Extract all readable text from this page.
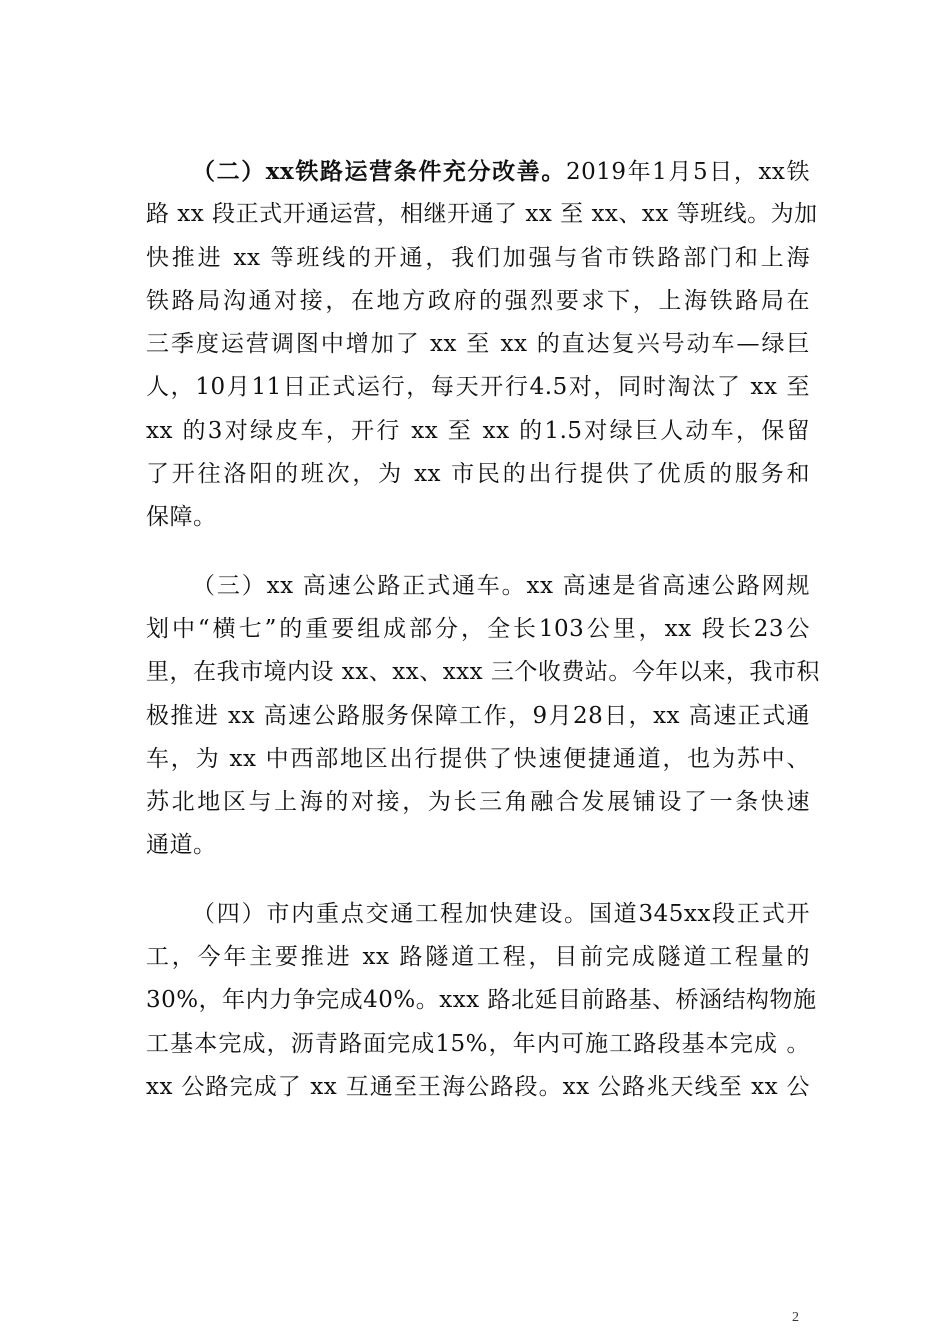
（二）xx铁路运营条件充分改善。2019年1月5日，xx铁
路 xx 段正式开通运营，相继开通了 xx 至 xx、xx 等班线。为加
快推进 xx 等班线的开通，我们加强与省市铁路部门和上海
铁路局沟通对接，在地方政府的强烈要求下，上海铁路局在
三季度运营调图中增加了 xx 至 xx 的直达复兴号动车—绿巨
人，10月11日正式运行，每天开行4.5对，同时淘汰了 xx 至
xx 的3对绿皮车，开行 xx 至 xx 的1.5对绿巨人动车，保留
了开往洛阳的班次，为 xx 市民的出行提供了优质的服务和
保障。
（三）xx 高速公路正式通车。xx 高速是省高速公路网规
划中“横七”的重要组成部分，全长103公里，xx 段长23公
里，在我市境内设 xx、xx、xxx 三个收费站。今年以来，我市积
极推进 xx 高速公路服务保障工作，9月28日，xx 高速正式通
车，为 xx 中西部地区出行提供了快速便捷通道，也为苏中、
苏北地区与上海的对接，为长三角融合发展铺设了一条快速
通道。
（四）市内重点交通工程加快建设。国道345xx段正式开
工，今年主要推进 xx 路隧道工程，目前完成隧道工程量的
30%，年内力争完成40%。xxx 路北延目前路基、桥涵结构物施
工基本完成，沥青路面完成15%，年内可施工路段基本完成 。
xx 公路完成了 xx 互通至王海公路段。xx 公路兆天线至 xx 公
2
